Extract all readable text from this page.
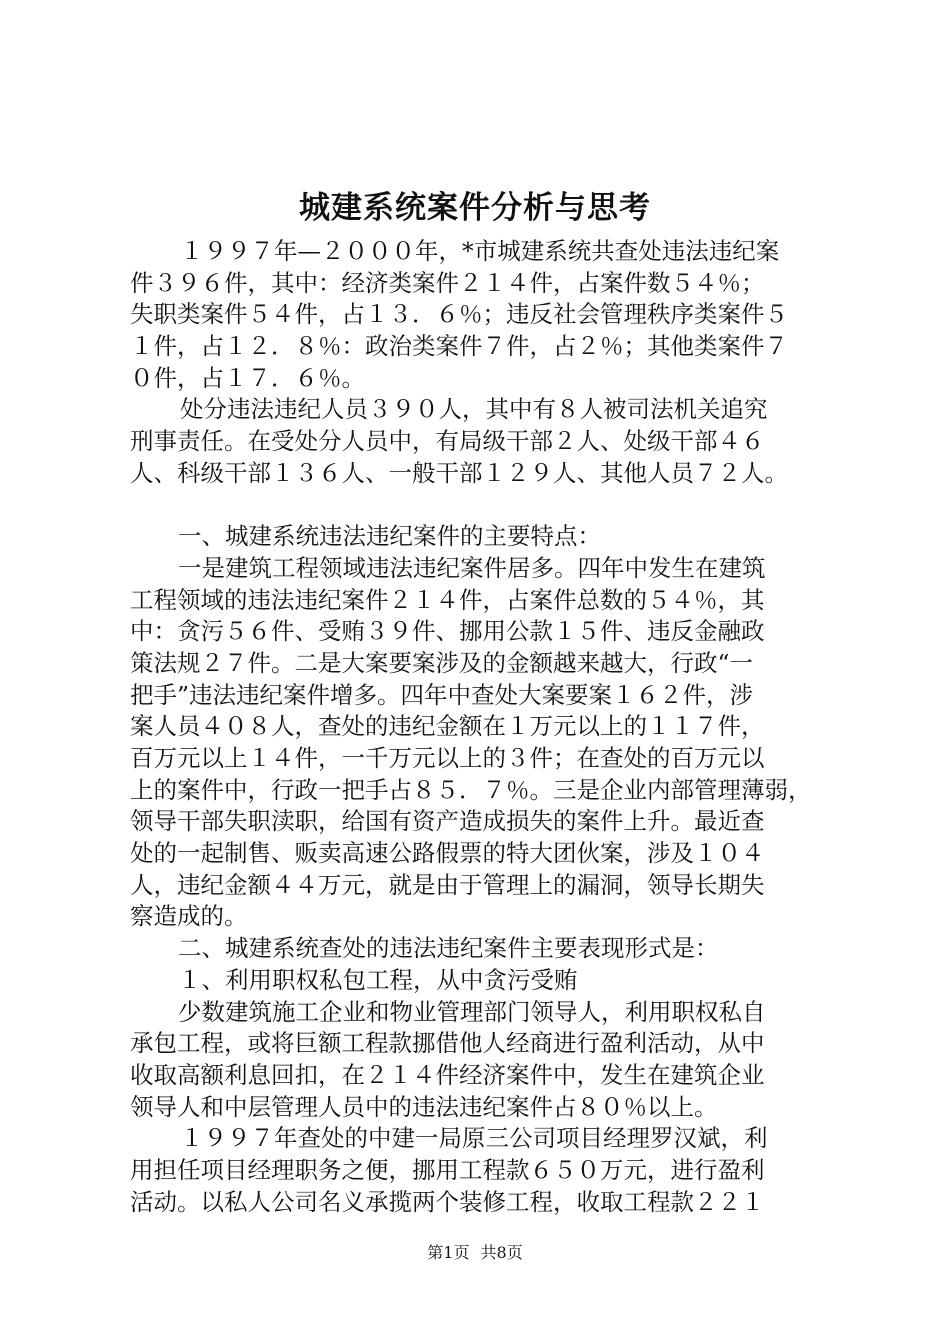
城建系统案件分析与思考
１９９７年—２０００年，*市城建系统共查处违法违纪案
件３９６件，其中：经济类案件２１４件，占案件数５４％；
失职类案件５４件，占１３．６％；违反社会管理秩序类案件５
１件，占１２．８％：政治类案件７件，占２％；其他类案件７
０件，占１７．６％。
处分违法违纪人员３９０人，其中有８人被司法机关追究
刑事责任。在受处分人员中，有局级干部２人、处级干部４６
人、科级干部１３６人、一般干部１２９人、其他人员７２人。
一、城建系统违法违纪案件的主要特点：
一是建筑工程领域违法违纪案件居多。四年中发生在建筑
工程领域的违法违纪案件２１４件，占案件总数的５４％，其
中：贪污５６件、受贿３９件、挪用公款１５件、违反金融政
策法规２７件。二是大案要案涉及的金额越来越大，行政“一
把手”违法违纪案件增多。四年中查处大案要案１６２件，涉
案人员４０８人，查处的违纪金额在１万元以上的１１７件，
百万元以上１４件，一千万元以上的３件；在查处的百万元以
上的案件中，行政一把手占８５．７％。三是企业内部管理薄弱，
领导干部失职渎职，给国有资产造成损失的案件上升。最近查
处的一起制售、贩卖高速公路假票的特大团伙案，涉及１０４
人，违纪金额４４万元，就是由于管理上的漏洞，领导长期失
察造成的。
二、城建系统查处的违法违纪案件主要表现形式是：
１、利用职权私包工程，从中贪污受贿
少数建筑施工企业和物业管理部门领导人，利用职权私自
承包工程，或将巨额工程款挪借他人经商进行盈利活动，从中
收取高额利息回扣，在２１４件经济案件中，发生在建筑企业
领导人和中层管理人员中的违法违纪案件占８０％以上。
１９９７年查处的中建一局原三公司项目经理罗汉斌，利
用担任项目经理职务之便，挪用工程款６５０万元，进行盈利
活动。以私人公司名义承揽两个装修工程，收取工程款２２１
第1页 共8页
